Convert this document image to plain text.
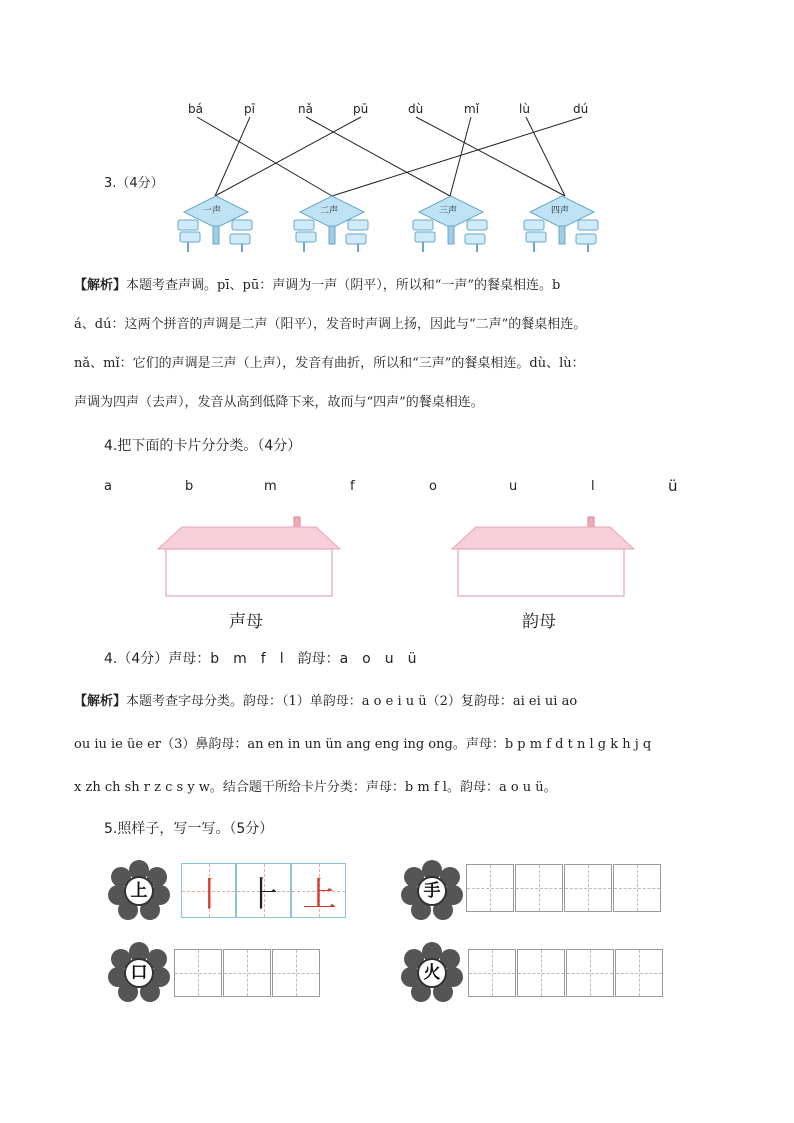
bá	pī	nǎ	pū	dù	mǐ	lù	dú
3.（4分）
一声	二声	三声	四声
【解析】本题考查声调。pī、pū：声调为一声（阴平），所以和“一声”的餐桌相连。b
á、dú：这两个拼音的声调是二声（阳平），发音时声调上扬，因此与“二声”的餐桌相连。
nǎ、mǐ：它们的声调是三声（上声），发音有曲折，所以和“三声”的餐桌相连。dù、lù：
声调为四声（去声），发音从高到低降下来，故而与“四声”的餐桌相连。
4.把下面的卡片分分类。（4分）
a	b	m	f	o	u	l	ü
声母	韵母
4.（4分）声母：b　m　f　l　韵母：a　o　u　ü
【解析】本题考查字母分类。韵母：（1）单韵母：a o e i u ü（2）复韵母：ai ei ui ao
ou iu ie üe er（3）鼻韵母：an en in un ün ang eng ing ong。声母：b p m f d t n l g k h j q
x zh ch sh r z c s y w。结合题干所给卡片分类：声母：b m f l。韵母：a o u ü。
5.照样子，写一写。（5分）
上	手
口	火
丨 ⺊ 上
